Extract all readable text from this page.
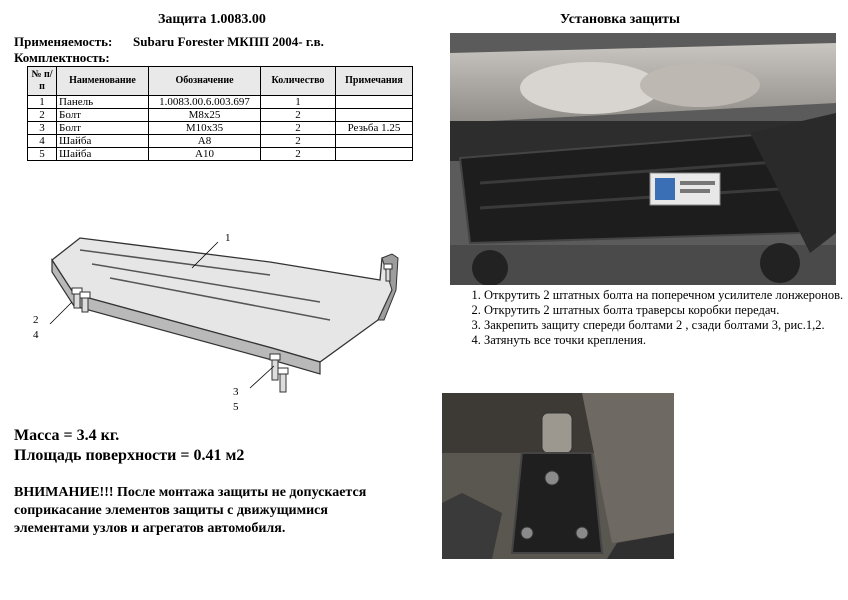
Защита 1.0083.00
Применяемость: Subaru Forester МКПП 2004- г.в.
Комплектность:
№ п/п	Наименование	Обозначение	Количество	Примечания
1	Панель	1.0083.00.6.003.697	1	
2	Болт	М8х25	2	
3	Болт	М10х35	2	Резьба 1.25
4	Шайба	А8	2	
5	Шайба	А10	2	
1
2
4
3
5
Масса = 3.4 кг.
Площадь поверхности = 0.41 м2
ВНИМАНИЕ!!! После монтажа защиты не допускается соприкасание элементов защиты с движущимися элементами узлов и агрегатов автомобиля.
Установка защиты
1. Открутить 2 штатных болта на поперечном усилителе лонжеронов.
2. Открутить 2 штатных болта траверсы коробки передач.
3. Закрепить защиту спереди болтами 2 , сзади болтами 3, рис.1,2.
4. Затянуть все точки крепления.
